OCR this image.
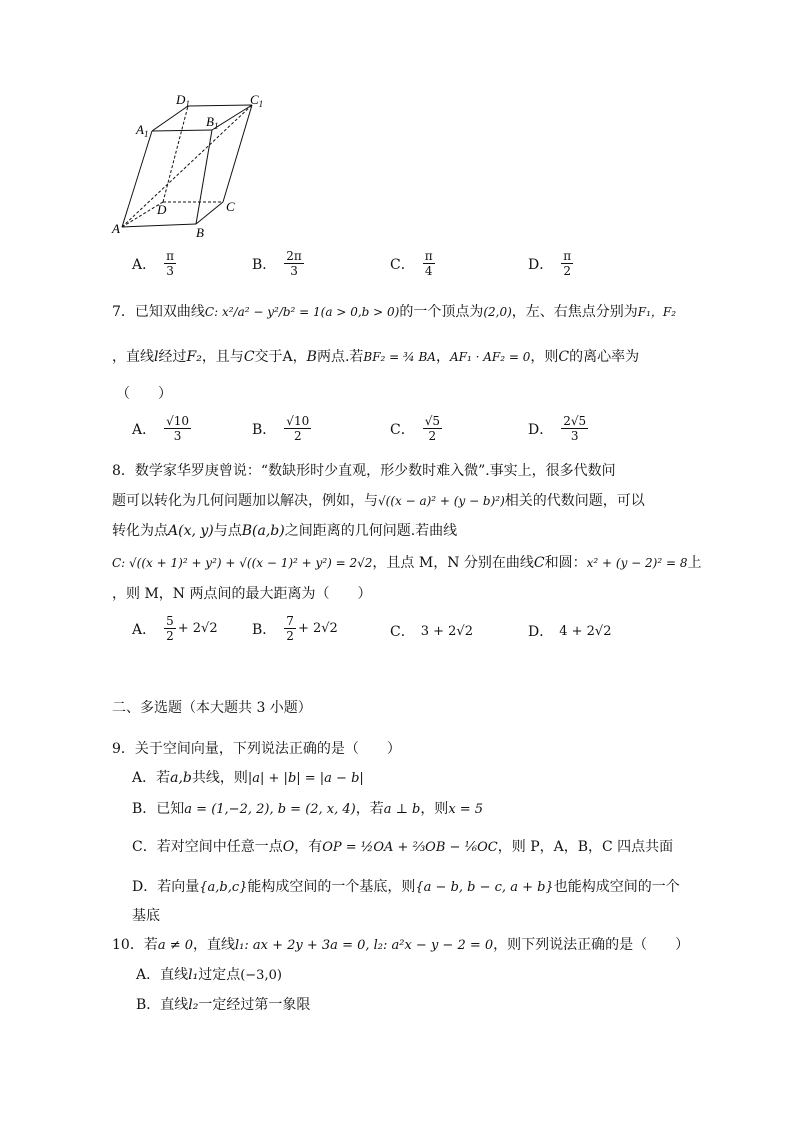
$D_1$	$C_1$
$A_1$
$B_1$
A	B
C
D
A． $\frac{\pi}{3}$	B． $\frac{2\pi}{3}$	C． $\frac{\pi}{4}$	D． $\frac{\pi}{2}$
7．已知双曲线C: x²/a² − y²/b² = 1(a > 0,b > 0)的一个顶点为(2,0)，左、右焦点分别为F₁，F₂
，直线l经过F₂，且与C交于A，B两点.若BF₂ = ¾ BA，AF₁ · AF₂ = 0，则C的离心率为
（　　）
A． $\frac{√10}{3}$	B． $\frac{√10}{2}$	C． $\frac{√5}{2}$	D． $\frac{2√5}{3}$
8．数学家华罗庚曾说：“数缺形时少直观，形少数时难入微”.事实上，很多代数问
题可以转化为几何问题加以解决，例如，与√((x − a)² + (y − b)²)相关的代数问题，可以
转化为点A(x, y)与点B(a,b)之间距离的几何问题.若曲线
C: √((x + 1)² + y²) + √((x − 1)² + y²) = 2√2，且点 M，N 分别在曲线C和圆：x² + (y − 2)² = 8上
，则 M，N 两点间的最大距离为（　　）
A． $\frac{5}{2} + 2√2$ B． $\frac{7}{2} + 2√2$	C． 3 + 2√2	D． 4 + 2√2
二、多选题（本大题共 3 小题）
9．关于空间向量，下列说法正确的是（　　）
A．若a,b共线，则|a| + |b| = |a − b|
B．已知a = (1,−2, 2), b = (2, x, 4)，若a ⊥ b，则x = 5
C．若对空间中任意一点O，有OP = ½OA + ⅔OB − ⅙OC，则 P，A，B，C 四点共面
D．若向量{a,b,c}能构成空间的一个基底，则{a − b, b − c, a + b}也能构成空间的一个
基底
10．若a ≠ 0，直线l₁: ax + 2y + 3a = 0, l₂: a²x − y − 2 = 0，则下列说法正确的是（　　）
A．直线l₁过定点(−3,0)
B．直线l₂一定经过第一象限
